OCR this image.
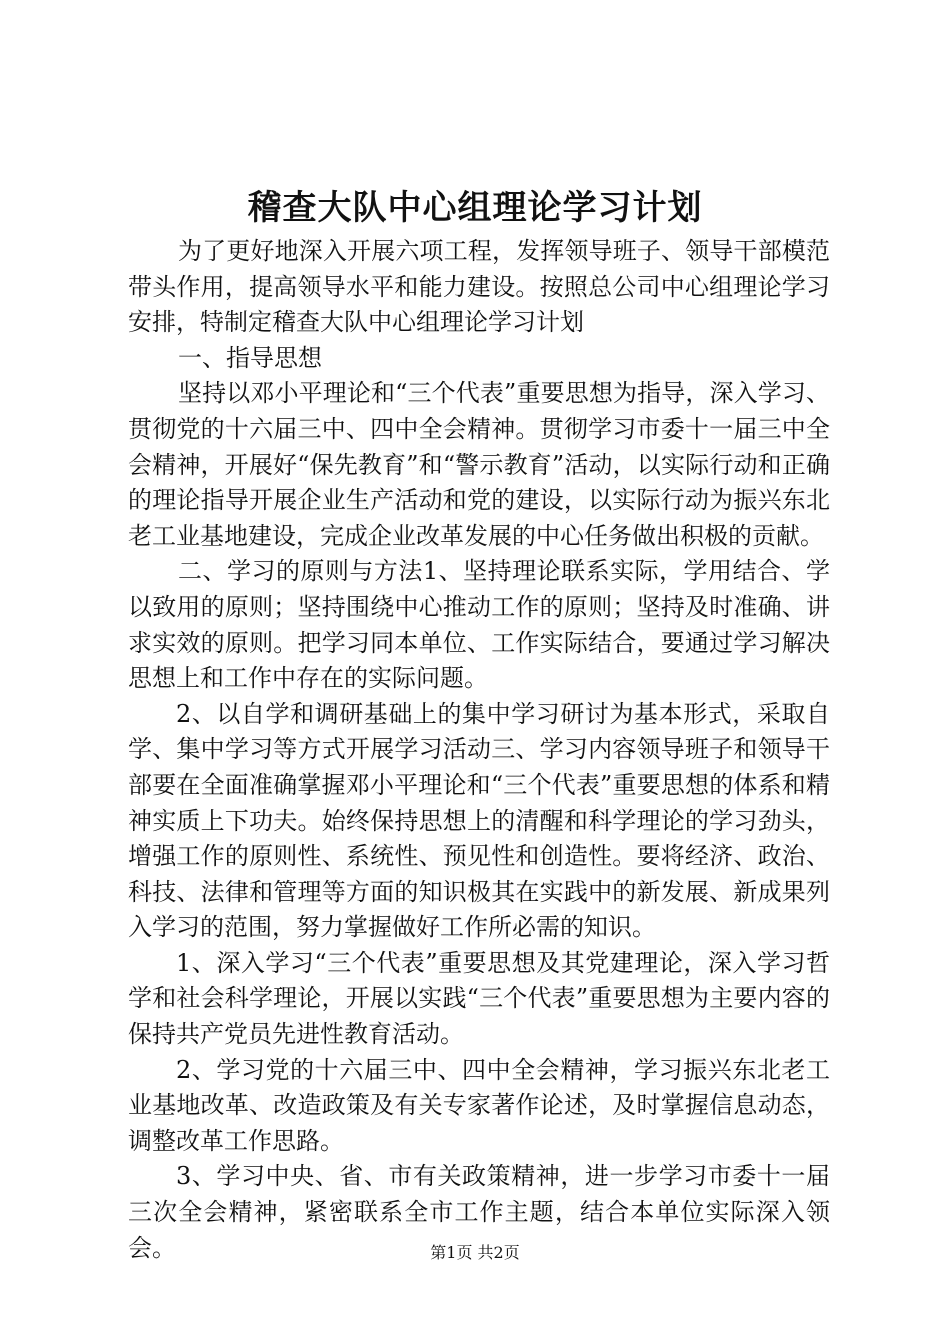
稽查大队中心组理论学习计划

为了更好地深入开展六项工程，发挥领导班子、领导干部模范带头作用，提高领导水平和能力建设。按照总公司中心组理论学习安排，特制定稽查大队中心组理论学习计划

一、指导思想

坚持以邓小平理论和“三个代表”重要思想为指导，深入学习、贯彻党的十六届三中、四中全会精神。贯彻学习市委十一届三中全会精神，开展好“保先教育”和“警示教育”活动，以实际行动和正确的理论指导开展企业生产活动和党的建设，以实际行动为振兴东北老工业基地建设，完成企业改革发展的中心任务做出积极的贡献。

二、学习的原则与方法1、坚持理论联系实际，学用结合、学以致用的原则；坚持围绕中心推动工作的原则；坚持及时准确、讲求实效的原则。把学习同本单位、工作实际结合，要通过学习解决思想上和工作中存在的实际问题。

2、以自学和调研基础上的集中学习研讨为基本形式，采取自学、集中学习等方式开展学习活动三、学习内容领导班子和领导干部要在全面准确掌握邓小平理论和“三个代表”重要思想的体系和精神实质上下功夫。始终保持思想上的清醒和科学理论的学习劲头，增强工作的原则性、系统性、预见性和创造性。要将经济、政治、科技、法律和管理等方面的知识极其在实践中的新发展、新成果列入学习的范围，努力掌握做好工作所必需的知识。

1、深入学习“三个代表”重要思想及其党建理论，深入学习哲学和社会科学理论，开展以实践“三个代表”重要思想为主要内容的保持共产党员先进性教育活动。

2、学习党的十六届三中、四中全会精神，学习振兴东北老工业基地改革、改造政策及有关专家著作论述，及时掌握信息动态，调整改革工作思路。

3、学习中央、省、市有关政策精神，进一步学习市委十一届三次全会精神，紧密联系全市工作主题，结合本单位实际深入领会。	第1页 共2页
